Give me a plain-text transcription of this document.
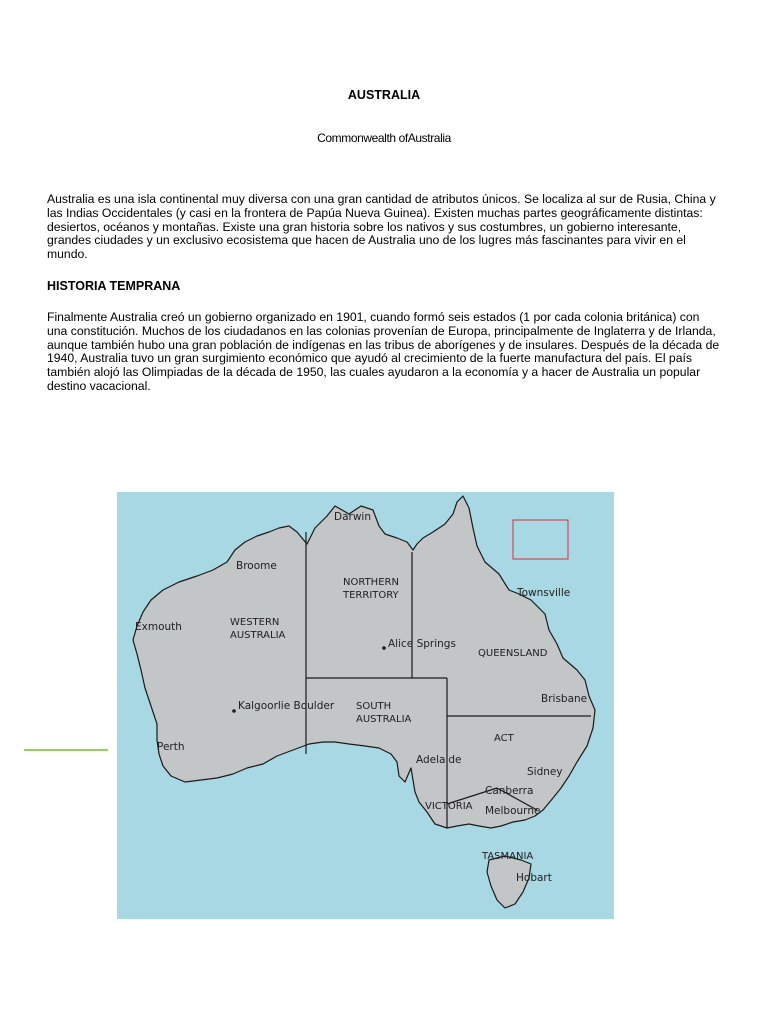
AUSTRALIA
Commonwealth ofAustralia

Australia es una isla continental muy diversa con una gran cantidad de atributos únicos. Se localiza al sur de Rusia, China y las Indias Occidentales (y casi en la frontera de Papúa Nueva Guinea). Existen muchas partes geográficamente distintas: desiertos, océanos y montañas. Existe una gran historia sobre los nativos y sus costumbres, un gobierno interesante, grandes ciudades y un exclusivo ecosistema que hacen de Australia uno de los lugres más fascinantes para vivir en el mundo.

HISTORIA TEMPRANA

Finalmente Australia creó un gobierno organizado en 1901, cuando formó seis estados (1 por cada colonia británica) con una constitución. Muchos de los ciudadanos en las colonias provenían de Europa, principalmente de Inglaterra y de Irlanda, aunque también hubo una gran población de indígenas en las tribus de aborígenes y de insulares. Después de la década de 1940, Australia tuvo un gran surgimiento económico que ayudó al crecimiento de la fuerte manufactura del país. El país también alojó las Olimpiadas de la década de 1950, las cuales ayudaron a la economía y a hacer de Australia un popular destino vacacional.

WESTERN
AUSTRALIA
NORTHERN
TERRITORY
QUEENSLAND
SOUTH
AUSTRALIA
ACT
VICTORIA
TASMANIA
Darwin
Broome
Exmouth
Alice Springs
Kalgoorlie Boulder
Perth
Townsville
Brisbane
Adelaide
Sidney
Canberra
Melbourne
Hobart
